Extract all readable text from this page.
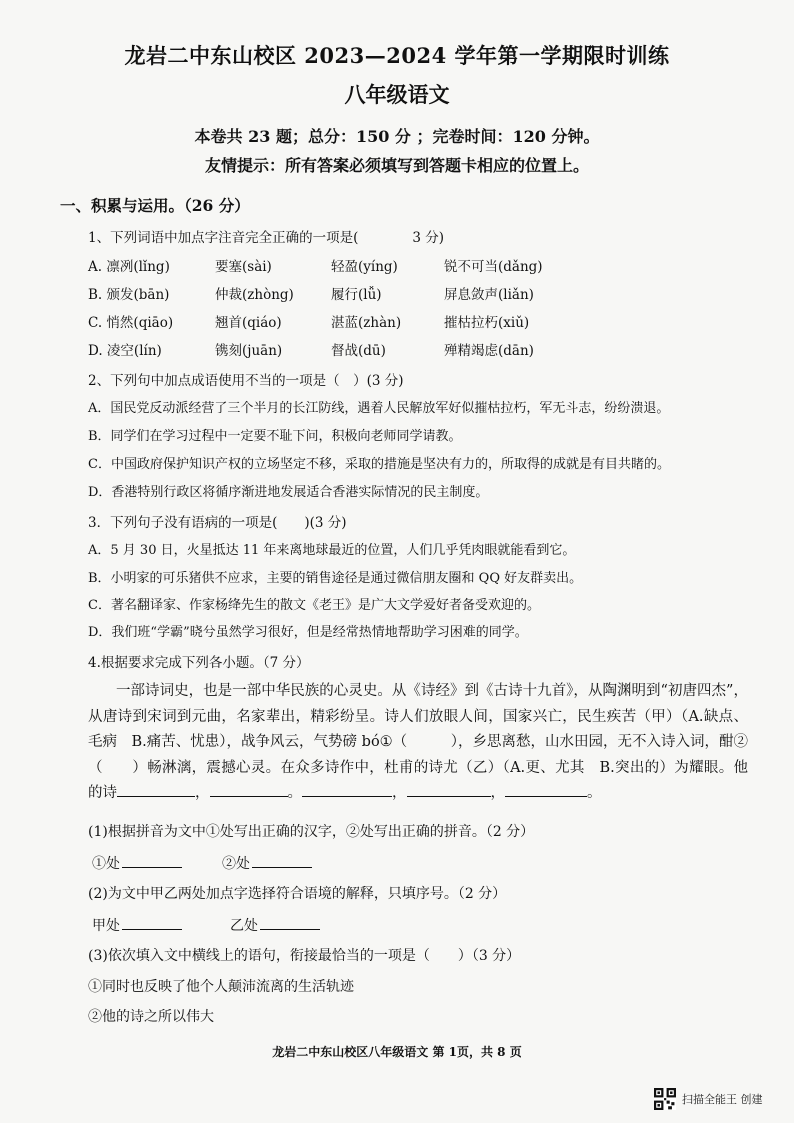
龙岩二中东山校区 2023—2024 学年第一学期限时训练
八年级语文
本卷共 23 题；总分：150 分 ；完卷时间：120 分钟。
友情提示：所有答案必须填写到答题卡相应的位置上。
一、积累与运用。（26 分）
1、下列词语中加点字注音完全正确的一项是(　　　　3 分)
A. 凛冽(lǐng)	要塞(sài)	轻盈(yíng)	锐不可当(dǎng)
B. 颁发(bān)	仲裁(zhòng)	履行(lǚ)	屏息敛声(liǎn)
C. 悄然(qiāo)	翘首(qiáo)	湛蓝(zhàn)	摧枯拉朽(xiǔ)
D. 凌空(lín)	镌刻(juān)	督战(dū)	殚精竭虑(dān)
2、下列句中加点成语使用不当的一项是（　）(3 分)
A．国民党反动派经营了三个半月的长江防线，遇着人民解放军好似摧枯拉朽，军无斗志，纷纷溃退。
B．同学们在学习过程中一定要不耻下问，积极向老师同学请教。
C．中国政府保护知识产权的立场坚定不移，采取的措施是坚决有力的，所取得的成就是有目共睹的。
D．香港特别行政区将循序渐进地发展适合香港实际情况的民主制度。
3．下列句子没有语病的一项是(　　)(3 分)
A．5 月 30 日，火星抵达 11 年来离地球最近的位置，人们几乎凭肉眼就能看到它。
B．小明家的可乐猪供不应求，主要的销售途径是通过微信朋友圈和 QQ 好友群卖出。
C．著名翻译家、作家杨绛先生的散文《老王》是广大文学爱好者备受欢迎的。
D．我们班“学霸”晓兮虽然学习很好，但是经常热情地帮助学习困难的同学。
4.根据要求完成下列各小题。（7 分）
一部诗词史，也是一部中华民族的心灵史。从《诗经》到《古诗十九首》，从陶渊明到“初唐四杰”，从唐诗到宋词到元曲，名家辈出，精彩纷呈。诗人们放眼人间，国家兴亡，民生疾苦（甲）（A.缺点、毛病　B.痛苦、忧患），战争风云，气势磅 bó①（　　　），乡思离愁，山水田园，无不入诗入词，酣②（　　）畅淋漓，震撼心灵。在众多诗作中，杜甫的诗尤（乙）（A.更、尤其　B.突出的）为耀眼。他的诗	，	。	，	，	。
(1)根据拼音为文中①处写出正确的汉字，②处写出正确的拼音。（2 分）
①处	②处
(2)为文中甲乙两处加点字选择符合语境的解释，只填序号。（2 分）
甲处	乙处
(3)依次填入文中横线上的语句，衔接最恰当的一项是（　　）（3 分）
①同时也反映了他个人颠沛流离的生活轨迹
②他的诗之所以伟大
龙岩二中东山校区八年级语文 第 1页，共 8 页
扫描全能王 创建
